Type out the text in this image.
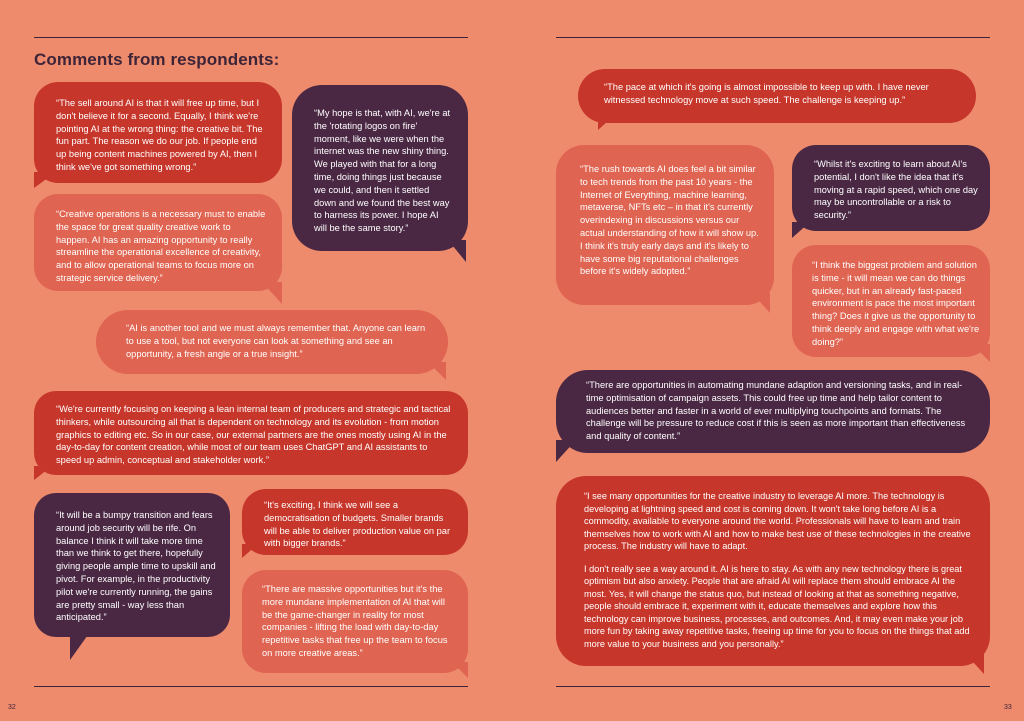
Comments from respondents:

“The sell around AI is that it will free up time, but I don't believe it for a second. Equally, I think we're pointing AI at the wrong thing: the creative bit. The fun part. The reason we do our job. If people end up being content machines powered by AI, then I think we've got something wrong.”

“My hope is that, with AI, we're at the 'rotating logos on fire' moment, like we were when the internet was the new shiny thing. We played with that for a long time, doing things just because we could, and then it settled down and we found the best way to harness its power. I hope AI will be the same story.”

“Creative operations is a necessary must to enable the space for great quality creative work to happen. AI has an amazing opportunity to really streamline the operational excellence of creativity, and to allow operational teams to focus more on strategic service delivery.”

“AI is another tool and we must always remember that. Anyone can learn to use a tool, but not everyone can look at something and see an opportunity, a fresh angle or a true insight.”

“We're currently focusing on keeping a lean internal team of producers and strategic and tactical thinkers, while outsourcing all that is dependent on technology and its evolution - from motion graphics to editing etc. So in our case, our external partners are the ones mostly using AI in the day-to-day for content creation, while most of our team uses ChatGPT and AI assistants to speed up admin, conceptual and stakeholder work.”

“It will be a bumpy transition and fears around job security will be rife. On balance I think it will take more time than we think to get there, hopefully giving people ample time to upskill and pivot. For example, in the productivity pilot we're currently running, the gains are pretty small - way less than anticipated.”

“It's exciting, I think we will see a democratisation of budgets. Smaller brands will be able to deliver production value on par with bigger brands.”

“There are massive opportunities but it's the more mundane implementation of AI that will be the game-changer in reality for most companies - lifting the load with day-to-day repetitive tasks that free up the team to focus on more creative areas.”

“The pace at which it's going is almost impossible to keep up with. I have never witnessed technology move at such speed. The challenge is keeping up.”

“The rush towards AI does feel a bit similar to tech trends from the past 10 years - the Internet of Everything, machine learning, metaverse, NFTs etc – in that it's currently overindexing in discussions versus our actual understanding of how it will show up. I think it's truly early days and it's likely to have some big reputational challenges before it's widely adopted.”

“Whilst it's exciting to learn about AI's potential, I don't like the idea that it's moving at a rapid speed, which one day may be uncontrollable or a risk to security.”

“I think the biggest problem and solution is time - it will mean we can do things quicker, but in an already fast-paced environment is pace the most important thing? Does it give us the opportunity to think deeply and engage with what we're doing?”

“There are opportunities in automating mundane adaption and versioning tasks, and in real-time optimisation of campaign assets. This could free up time and help tailor content to audiences better and faster in a world of ever multiplying touchpoints and formats. The challenge will be pressure to reduce cost if this is seen as more important than effectiveness and quality of content.”

“I see many opportunities for the creative industry to leverage AI more. The technology is developing at lightning speed and cost is coming down. It won't take long before AI is a commodity, available to everyone around the world. Professionals will have to learn and train themselves how to work with AI and how to make best use of these technologies in the creative process. The industry will have to adapt.

I don't really see a way around it. AI is here to stay. As with any new technology there is great optimism but also anxiety. People that are afraid AI will replace them should embrace AI the most. Yes, it will change the status quo, but instead of looking at that as something negative, people should embrace it, experiment with it, educate themselves and explore how this technology can improve business, processes, and outcomes. And, it may even make your job more fun by taking away repetitive tasks, freeing up time for you to focus on the things that add more value to your business and you personally.”

32	33
